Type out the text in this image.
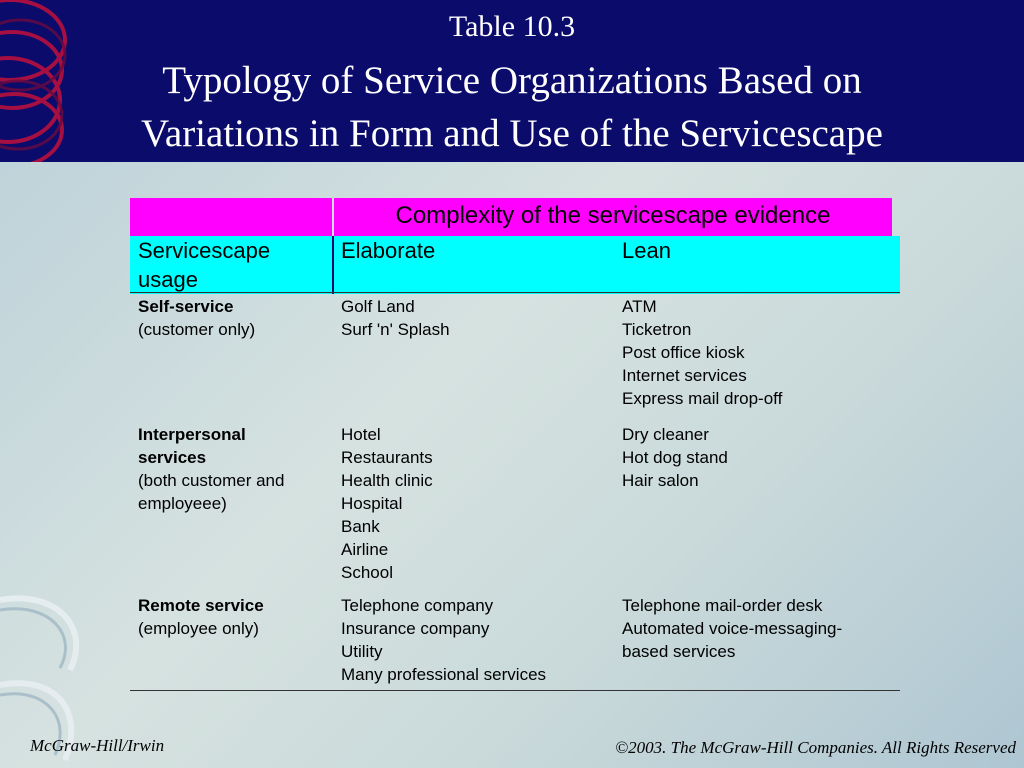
Table 10.3
Typology of Service Organizations Based on
Variations in Form and Use of the Servicescape
Complexity of the servicescape evidence
Servicescape
usage
Elaborate	Lean
Self-service
(customer only)
Golf Land
Surf 'n' Splash
ATM
Ticketron
Post office kiosk
Internet services
Express mail drop-off
Interpersonal
services
(both customer and
employeee)
Hotel
Restaurants
Health clinic
Hospital
Bank
Airline
School
Dry cleaner
Hot dog stand
Hair salon
Remote service
(employee only)
Telephone company
Insurance company
Utility
Many professional services
Telephone mail-order desk
Automated voice-messaging-
based services
McGraw-Hill/Irwin	©2003. The McGraw-Hill Companies. All Rights Reserved
